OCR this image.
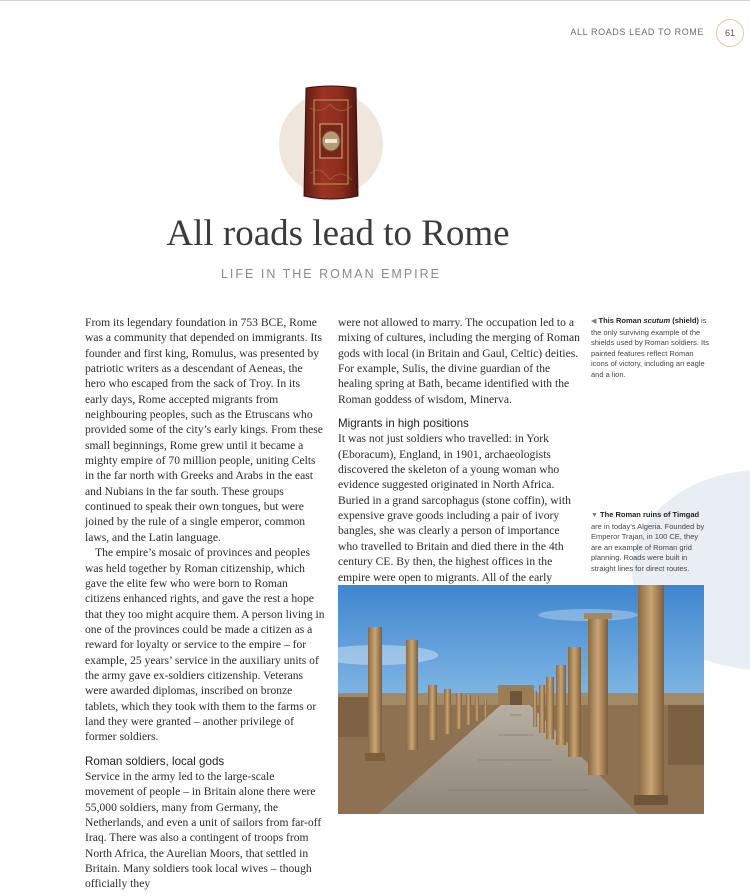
ALL ROADS LEAD TO ROME 61
All roads lead to Rome
LIFE IN THE ROMAN EMPIRE

From its legendary foundation in 753 BCE, Rome was a community that depended on immigrants. Its founder and first king, Romulus, was presented by patriotic writers as a descendant of Aeneas, the hero who escaped from the sack of Troy. In its early days, Rome accepted migrants from neighbouring peoples, such as the Etruscans who provided some of the city’s early kings. From these small beginnings, Rome grew until it became a mighty empire of 70 million people, uniting Celts in the far north with Greeks and Arabs in the east and Nubians in the far south. These groups continued to speak their own tongues, but were joined by the rule of a single emperor, common laws, and the Latin language.

The empire’s mosaic of provinces and peoples was held together by Roman citizenship, which gave the elite few who were born to Roman citizens enhanced rights, and gave the rest a hope that they too might acquire them. A person living in one of the provinces could be made a citizen as a reward for loyalty or service to the empire – for example, 25 years’ service in the auxiliary units of the army gave ex-soldiers citizenship. Veterans were awarded diplomas, inscribed on bronze tablets, which they took with them to the farms or land they were granted – another privilege of former soldiers.

Roman soldiers, local gods

Service in the army led to the large-scale movement of people – in Britain alone there were 55,000 soldiers, many from Germany, the Netherlands, and even a unit of sailors from far-off Iraq. There was also a contingent of troops from North Africa, the Aurelian Moors, that settled in Britain. Many soldiers took local wives – though officially they

were not allowed to marry. The occupation led to a mixing of cultures, including the merging of Roman gods with local (in Britain and Gaul, Celtic) deities. For example, Sulis, the divine guardian of the healing spring at Bath, became identified with the Roman goddess of wisdom, Minerva.

Migrants in high positions

It was not just soldiers who travelled: in York (Eboracum), England, in 1901, archaeologists discovered the skeleton of a young woman who evidence suggested originated in North Africa. Buried in a grand sarcophagus (stone coffin), with expensive grave goods including a pair of ivory bangles, she was clearly a person of importance who travelled to Britain and died there in the 4th century CE. By then, the highest offices in the empire were open to migrants. All of the early

◀ This Roman scutum (shield) is the only surviving example of the shields used by Roman soldiers. Its painted features reflect Roman icons of victory, including an eagle and a lion.
▼ The Roman ruins of Timgad are in today’s Algeria. Founded by Emperor Trajan, in 100 CE, they are an example of Roman grid planning. Roads were built in straight lines for direct routes.
